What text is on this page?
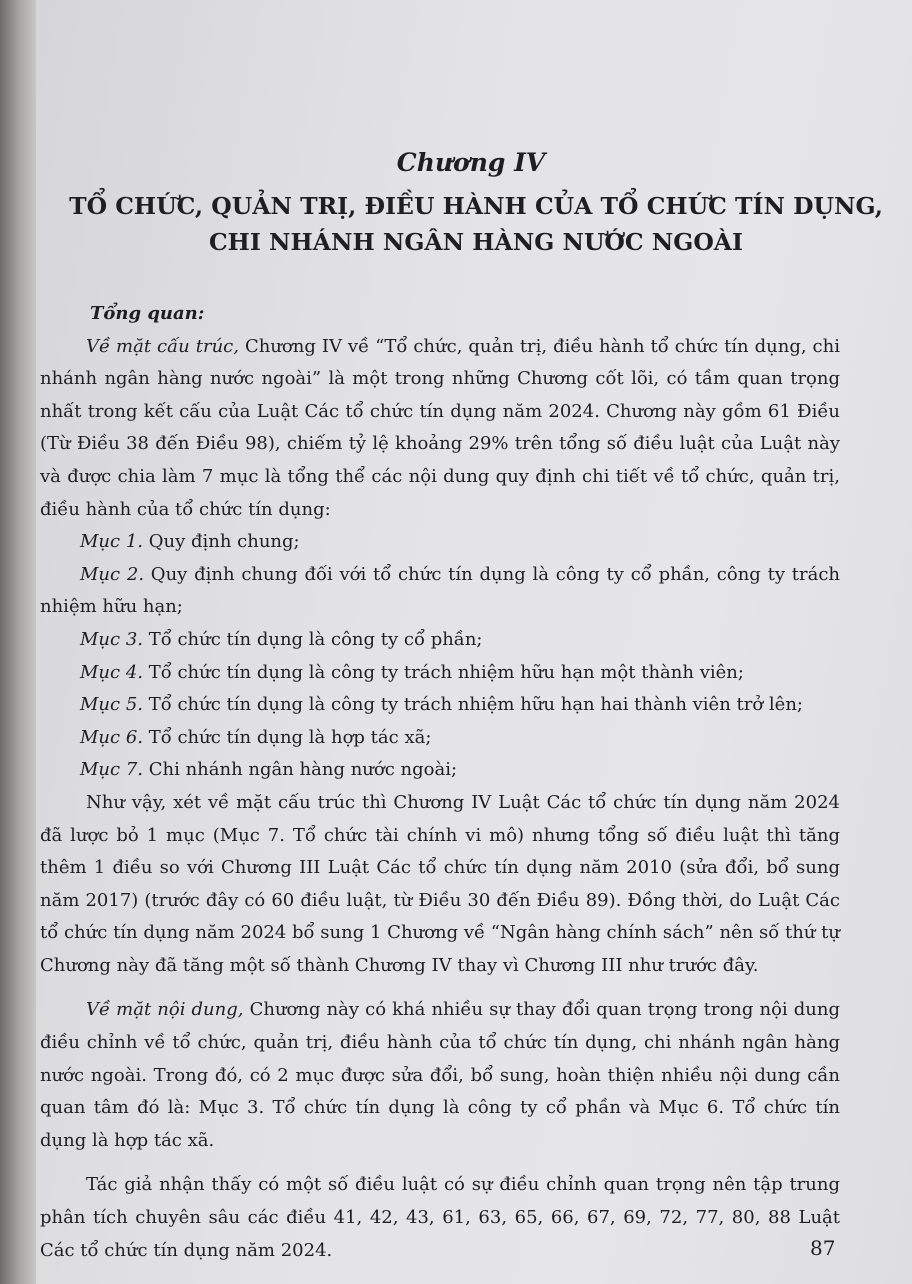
Chương IV
TỔ CHỨC, QUẢN TRỊ, ĐIỀU HÀNH CỦA TỔ CHỨC TÍN DỤNG,
CHI NHÁNH NGÂN HÀNG NƯỚC NGOÀI

Tổng quan:

Về mặt cấu trúc, Chương IV về “Tổ chức, quản trị, điều hành tổ chức tín dụng, chi nhánh ngân hàng nước ngoài” là một trong những Chương cốt lõi, có tầm quan trọng nhất trong kết cấu của Luật Các tổ chức tín dụng năm 2024. Chương này gồm 61 Điều (Từ Điều 38 đến Điều 98), chiếm tỷ lệ khoảng 29% trên tổng số điều luật của Luật này và được chia làm 7 mục là tổng thể các nội dung quy định chi tiết về tổ chức, quản trị, điều hành của tổ chức tín dụng:

Mục 1. Quy định chung;

Mục 2. Quy định chung đối với tổ chức tín dụng là công ty cổ phần, công ty trách nhiệm hữu hạn;

Mục 3. Tổ chức tín dụng là công ty cổ phần;

Mục 4. Tổ chức tín dụng là công ty trách nhiệm hữu hạn một thành viên;

Mục 5. Tổ chức tín dụng là công ty trách nhiệm hữu hạn hai thành viên trở lên;

Mục 6. Tổ chức tín dụng là hợp tác xã;

Mục 7. Chi nhánh ngân hàng nước ngoài;

Như vậy, xét về mặt cấu trúc thì Chương IV Luật Các tổ chức tín dụng năm 2024 đã lược bỏ 1 mục (Mục 7. Tổ chức tài chính vi mô) nhưng tổng số điều luật thì tăng thêm 1 điều so với Chương III Luật Các tổ chức tín dụng năm 2010 (sửa đổi, bổ sung năm 2017) (trước đây có 60 điều luật, từ Điều 30 đến Điều 89). Đồng thời, do Luật Các tổ chức tín dụng năm 2024 bổ sung 1 Chương về “Ngân hàng chính sách” nên số thứ tự Chương này đã tăng một số thành Chương IV thay vì Chương III như trước đây.

Về mặt nội dung, Chương này có khá nhiều sự thay đổi quan trọng trong nội dung điều chỉnh về tổ chức, quản trị, điều hành của tổ chức tín dụng, chi nhánh ngân hàng nước ngoài. Trong đó, có 2 mục được sửa đổi, bổ sung, hoàn thiện nhiều nội dung cần quan tâm đó là: Mục 3. Tổ chức tín dụng là công ty cổ phần và Mục 6. Tổ chức tín dụng là hợp tác xã.

Tác giả nhận thấy có một số điều luật có sự điều chỉnh quan trọng nên tập trung phân tích chuyên sâu các điều 41, 42, 43, 61, 63, 65, 66, 67, 69, 72, 77, 80, 88 Luật Các tổ chức tín dụng năm 2024.	87
